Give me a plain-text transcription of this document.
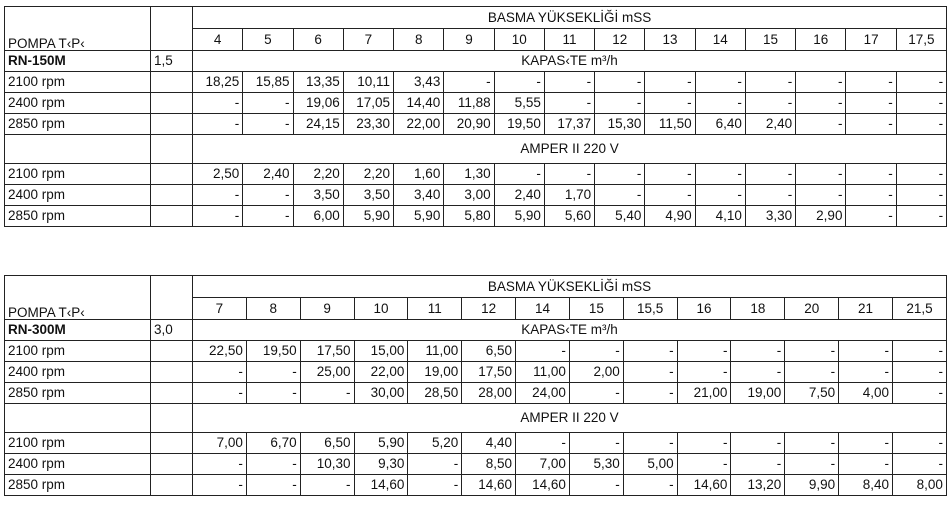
POMPA T‹P‹		BASMA YÜKSEKLİĞİ mSS														
		4	5	6	7	8	9	10	11	12	13	14	15	16	17	17,5
RN-150M	1,5	KAPAS‹TE m³/h														
2100 rpm		18,25	15,85	13,35	10,11	3,43	-	-	-	-	-	-	-	-	-	-
2400 rpm		-	-	19,06	17,05	14,40	11,88	5,55	-	-	-	-	-	-	-	-
2850 rpm		-	-	24,15	23,30	22,00	20,90	19,50	17,37	15,30	11,50	6,40	2,40	-	-	-
		AMPER II 220 V														
2100 rpm		2,50	2,40	2,20	2,20	1,60	1,30	-	-	-	-	-	-	-	-	-
2400 rpm		-	-	3,50	3,50	3,40	3,00	2,40	1,70	-	-	-	-	-	-	-
2850 rpm		-	-	6,00	5,90	5,90	5,80	5,90	5,60	5,40	4,90	4,10	3,30	2,90	-	-
POMPA T‹P‹		BASMA YÜKSEKLİĞİ mSS													
		7	8	9	10	11	12	14	15	15,5	16	18	20	21	21,5
RN-300M	3,0	KAPAS‹TE m³/h													
2100 rpm		22,50	19,50	17,50	15,00	11,00	6,50	-	-	-	-	-	-	-	-
2400 rpm		-	-	25,00	22,00	19,00	17,50	11,00	2,00	-	-	-	-	-	-
2850 rpm		-	-	-	30,00	28,50	28,00	24,00	-	-	21,00	19,00	7,50	4,00	-
		AMPER II 220 V													
2100 rpm		7,00	6,70	6,50	5,90	5,20	4,40	-	-	-	-	-	-	-	-
2400 rpm		-	-	10,30	9,30	-	8,50	7,00	5,30	5,00	-	-	-	-	-
2850 rpm		-	-	-	14,60	-	14,60	14,60	-	-	14,60	13,20	9,90	8,40	8,00
